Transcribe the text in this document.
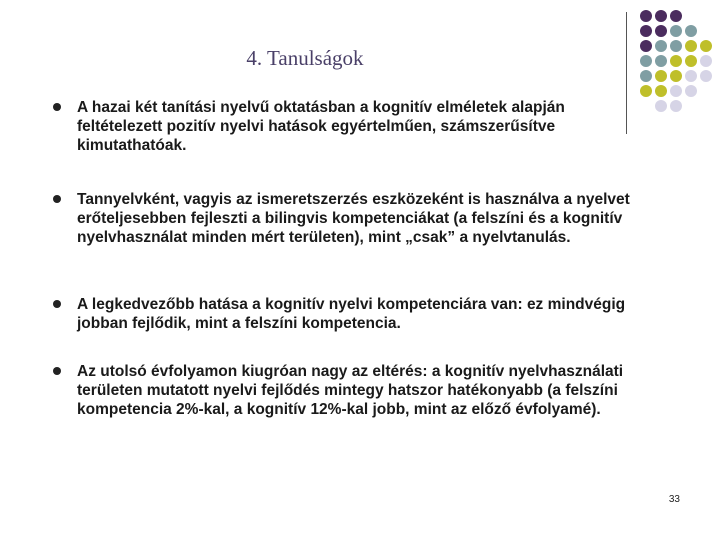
4. Tanulságok
A hazai két tanítási nyelvű oktatásban a kognitív elméletek alapján feltételezett pozitív nyelvi hatások egyértelműen, számszerűsítve kimutathatóak.
Tannyelvként, vagyis az ismeretszerzés eszközeként is használva a nyelvet erőteljesebben fejleszti a bilingvis kompetenciákat (a felszíni és a kognitív nyelvhasználat minden mért területen), mint „csak” a nyelvtanulás.
A legkedvezőbb hatása a kognitív nyelvi kompetenciára van: ez mindvégig jobban fejlődik, mint a felszíni kompetencia.
Az utolsó évfolyamon kiugróan nagy az eltérés: a kognitív nyelvhasználati területen mutatott nyelvi fejlődés mintegy hatszor hatékonyabb (a felszíni kompetencia 2%-kal, a kognitív 12%-kal jobb, mint az előző évfolyamé).
33
